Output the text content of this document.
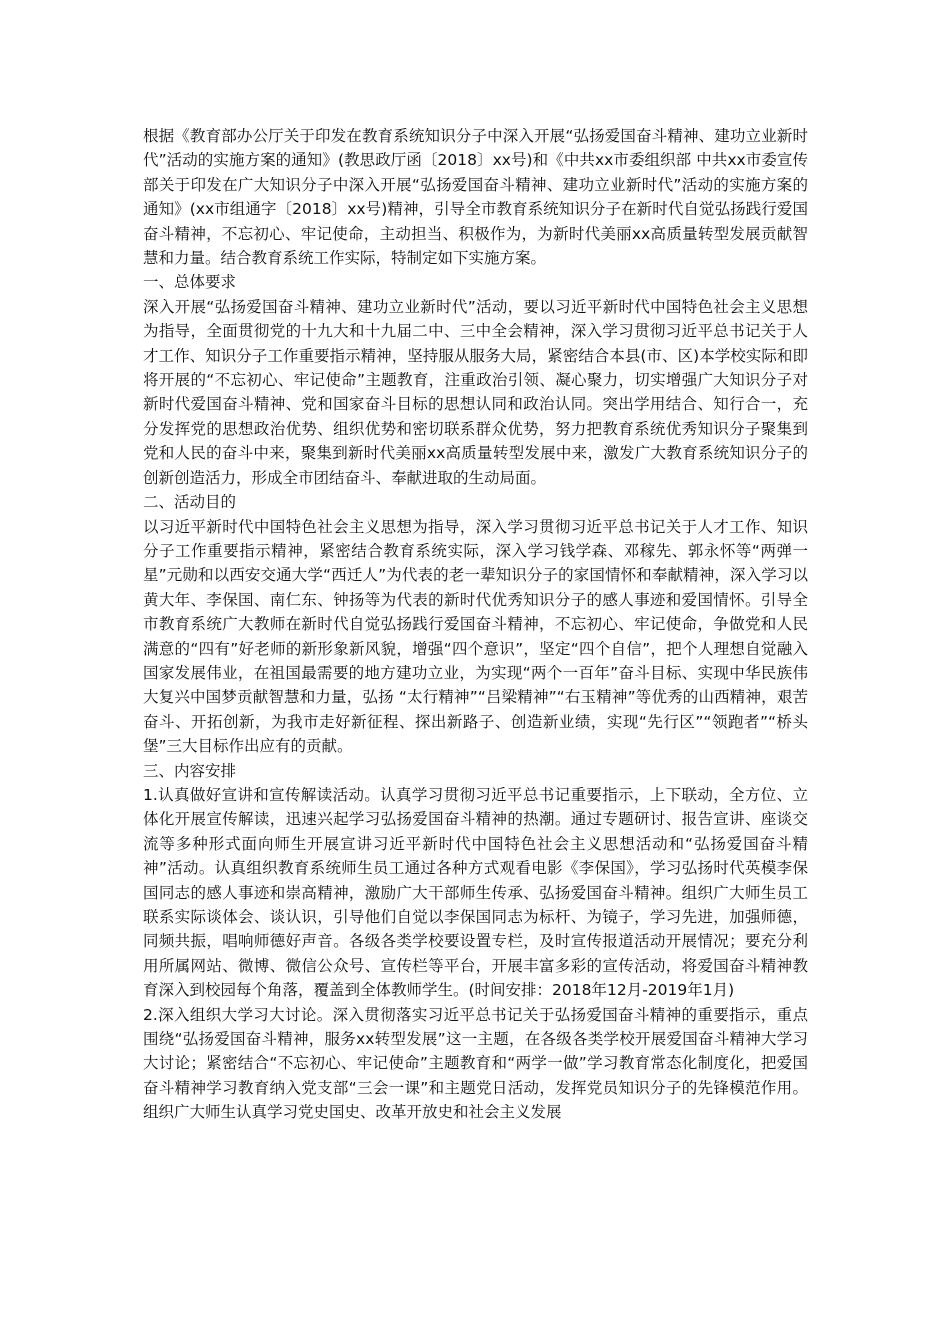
根据《教育部办公厅关于印发在教育系统知识分子中深入开展“弘扬爱国奋斗精神、建功立业新时代”活动的实施方案的通知》(教思政厅函〔2018〕xx号)和《中共xx市委组织部 中共xx市委宣传部关于印发在广大知识分子中深入开展“弘扬爱国奋斗精神、建功立业新时代”活动的实施方案的通知》(xx市组通字〔2018〕xx号)精神，引导全市教育系统知识分子在新时代自觉弘扬践行爱国奋斗精神，不忘初心、牢记使命，主动担当、积极作为，为新时代美丽xx高质量转型发展贡献智慧和力量。结合教育系统工作实际，特制定如下实施方案。

一、总体要求

深入开展“弘扬爱国奋斗精神、建功立业新时代”活动，要以习近平新时代中国特色社会主义思想为指导，全面贯彻党的十九大和十九届二中、三中全会精神，深入学习贯彻习近平总书记关于人才工作、知识分子工作重要指示精神，坚持服从服务大局，紧密结合本县(市、区)本学校实际和即将开展的“不忘初心、牢记使命”主题教育，注重政治引领、凝心聚力，切实增强广大知识分子对新时代爱国奋斗精神、党和国家奋斗目标的思想认同和政治认同。突出学用结合、知行合一，充分发挥党的思想政治优势、组织优势和密切联系群众优势，努力把教育系统优秀知识分子聚集到党和人民的奋斗中来，聚集到新时代美丽xx高质量转型发展中来，激发广大教育系统知识分子的创新创造活力，形成全市团结奋斗、奉献进取的生动局面。

二、活动目的

以习近平新时代中国特色社会主义思想为指导，深入学习贯彻习近平总书记关于人才工作、知识分子工作重要指示精神，紧密结合教育系统实际，深入学习钱学森、邓稼先、郭永怀等“两弹一星”元勋和以西安交通大学“西迁人”为代表的老一辈知识分子的家国情怀和奉献精神，深入学习以黄大年、李保国、南仁东、钟扬等为代表的新时代优秀知识分子的感人事迹和爱国情怀。引导全市教育系统广大教师在新时代自觉弘扬践行爱国奋斗精神，不忘初心、牢记使命，争做党和人民满意的“四有”好老师的新形象新风貌，增强“四个意识”，坚定“四个自信”，把个人理想自觉融入国家发展伟业，在祖国最需要的地方建功立业，为实现“两个一百年”奋斗目标、实现中华民族伟大复兴中国梦贡献智慧和力量，弘扬 “太行精神”“吕梁精神”“右玉精神”等优秀的山西精神，艰苦奋斗、开拓创新，为我市走好新征程、探出新路子、创造新业绩，实现“先行区”“领跑者”“桥头堡”三大目标作出应有的贡献。

三、内容安排

1.认真做好宣讲和宣传解读活动。认真学习贯彻习近平总书记重要指示，上下联动，全方位、立体化开展宣传解读，迅速兴起学习弘扬爱国奋斗精神的热潮。通过专题研讨、报告宣讲、座谈交流等多种形式面向师生开展宣讲习近平新时代中国特色社会主义思想活动和“弘扬爱国奋斗精神”活动。认真组织教育系统师生员工通过各种方式观看电影《李保国》，学习弘扬时代英模李保国同志的感人事迹和崇高精神，激励广大干部师生传承、弘扬爱国奋斗精神。组织广大师生员工联系实际谈体会、谈认识，引导他们自觉以李保国同志为标杆、为镜子，学习先进，加强师德，同频共振，唱响师德好声音。各级各类学校要设置专栏，及时宣传报道活动开展情况；要充分利用所属网站、微博、微信公众号、宣传栏等平台，开展丰富多彩的宣传活动，将爱国奋斗精神教育深入到校园每个角落，覆盖到全体教师学生。(时间安排：2018年12月-2019年1月)

2.深入组织大学习大讨论。深入贯彻落实习近平总书记关于弘扬爱国奋斗精神的重要指示，重点围绕“弘扬爱国奋斗精神，服务xx转型发展”这一主题，在各级各类学校开展爱国奋斗精神大学习大讨论；紧密结合“不忘初心、牢记使命”主题教育和“两学一做”学习教育常态化制度化，把爱国奋斗精神学习教育纳入党支部“三会一课”和主题党日活动，发挥党员知识分子的先锋模范作用。组织广大师生认真学习党史国史、改革开放史和社会主义发展
